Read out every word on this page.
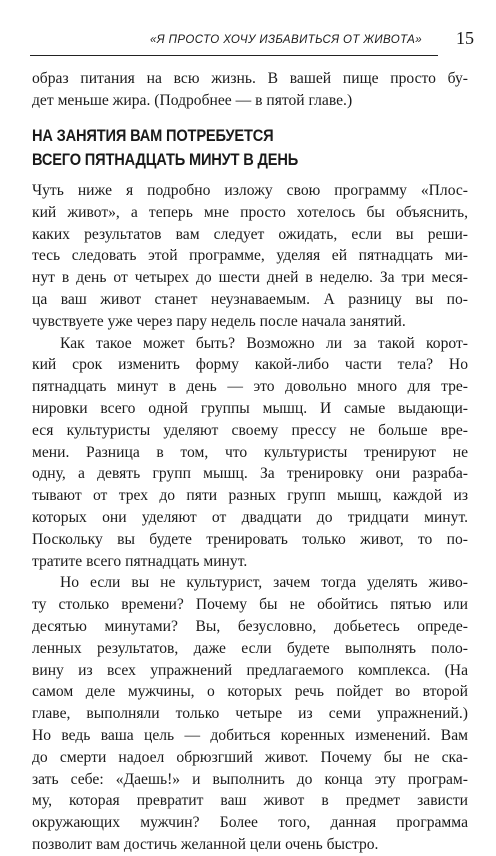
«Я ПРОСТО ХОЧУ ИЗБАВИТЬСЯ ОТ ЖИВОТА» 15
образ питания на всю жизнь. В вашей пище просто бу-
дет меньше жира. (Подробнее — в пятой главе.)
НА ЗАНЯТИЯ ВАМ ПОТРЕБУЕТСЯ
ВСЕГО ПЯТНАДЦАТЬ МИНУТ В ДЕНЬ
Чуть ниже я подробно изложу свою программу «Плос-
кий живот», а теперь мне просто хотелось бы объяснить,
каких результатов вам следует ожидать, если вы реши-
тесь следовать этой программе, уделяя ей пятнадцать ми-
нут в день от четырех до шести дней в неделю. За три меся-
ца ваш живот станет неузнаваемым. А разницу вы по-
чувствуете уже через пару недель после начала занятий.
Как такое может быть? Возможно ли за такой корот-
кий срок изменить форму какой-либо части тела? Но
пятнадцать минут в день — это довольно много для тре-
нировки всего одной группы мышц. И самые выдающи-
еся культуристы уделяют своему прессу не больше вре-
мени. Разница в том, что культуристы тренируют не
одну, а девять групп мышц. За тренировку они разраба-
тывают от трех до пяти разных групп мышц, каждой из
которых они уделяют от двадцати до тридцати минут.
Поскольку вы будете тренировать только живот, то по-
тратите всего пятнадцать минут.
Но если вы не культурист, зачем тогда уделять живо-
ту столько времени? Почему бы не обойтись пятью или
десятью минутами? Вы, безусловно, добьетесь опреде-
ленных результатов, даже если будете выполнять поло-
вину из всех упражнений предлагаемого комплекса. (На
самом деле мужчины, о которых речь пойдет во второй
главе, выполняли только четыре из семи упражнений.)
Но ведь ваша цель — добиться коренных изменений. Вам
до смерти надоел обрюзгший живот. Почему бы не ска-
зать себе: «Даешь!» и выполнить до конца эту програм-
му, которая превратит ваш живот в предмет зависти
окружающих мужчин? Более того, данная программа
позволит вам достичь желанной цели очень быстро.
